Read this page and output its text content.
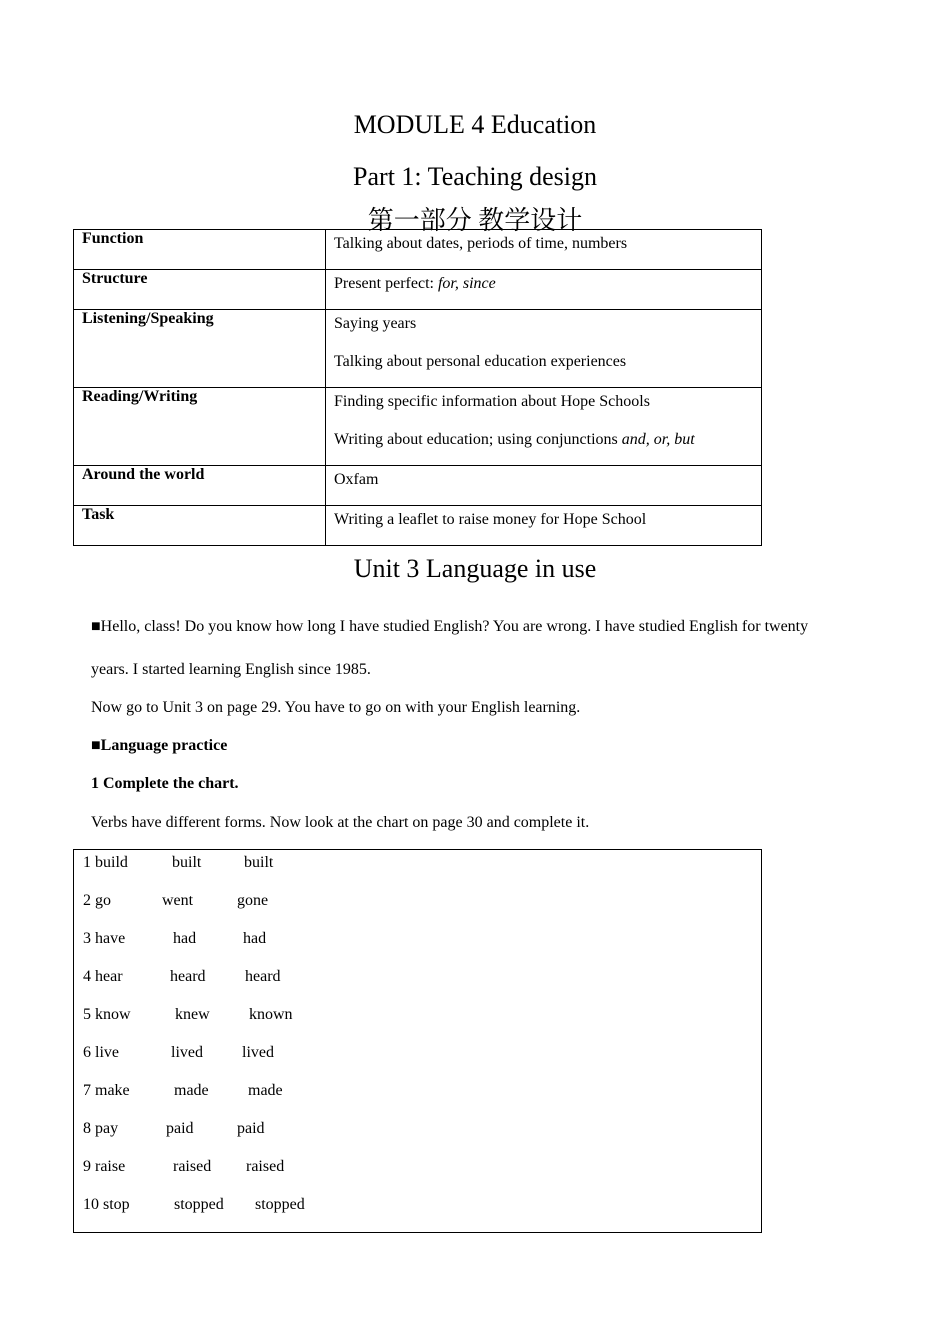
MODULE 4 Education
Part 1: Teaching design
第一部分 教学设计
Function	Talking about dates, periods of time, numbers

Structure	Present perfect: for, since

Listening/Speaking	Saying years
Talking about personal education experiences

Reading/Writing	Finding specific information about Hope Schools
Writing about education; using conjunctions and, or, but

Around the world	Oxfam

Task	Writing a leaflet to raise money for Hope School
Unit 3 Language in use
■Hello, class! Do you know how long I have studied English? You are wrong. I have studied English for twenty
years. I started learning English since 1985.
Now go to Unit 3 on page 29. You have to go on with your English learning.
■Language practice
1 Complete the chart.
Verbs have different forms. Now look at the chart on page 30 and complete it.
1 build	built	built
2 go	went	gone
3 have	had	had
4 hear	heard heard
5 know	knew known
6 live	lived lived
7 make	made made
8 pay	paid	paid
9 raise	raised raised
10 stop	stopped stopped
